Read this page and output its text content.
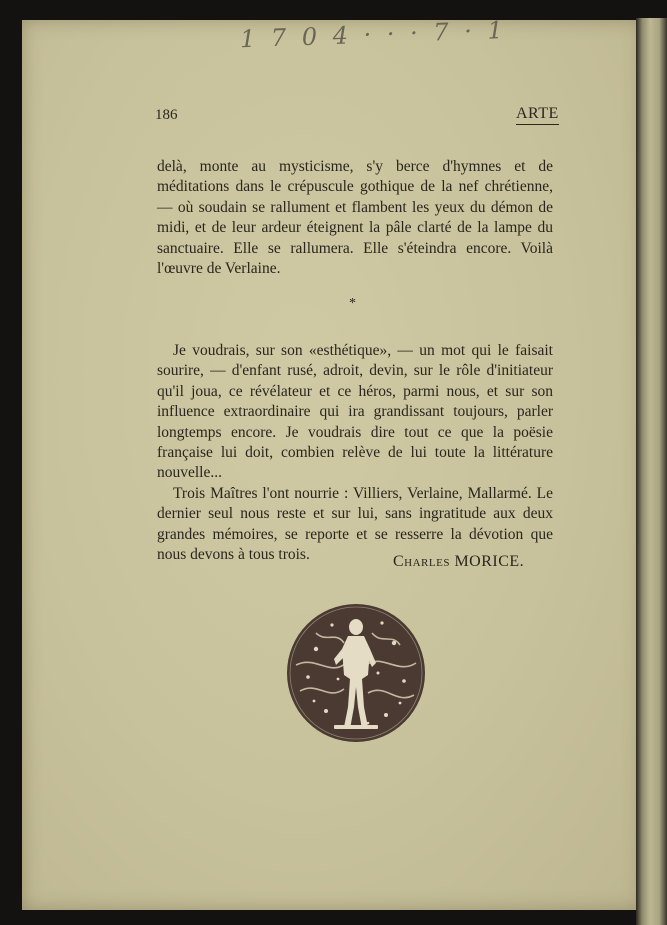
1 7 0 4 · · · 7 · 1
186	ARTE

delà, monte au mysticisme, s'y berce d'hymnes et de méditations dans le crépuscule gothique de la nef chrétienne, — où soudain se rallument et flambent les yeux du démon de midi, et de leur ardeur éteignent la pâle clarté de la lampe du sanctuaire. Elle se rallumera. Elle s'éteindra encore. Voilà l'œuvre de Verlaine.

*

Je voudrais, sur son «esthétique», — un mot qui le faisait sourire, — d'enfant rusé, adroit, devin, sur le rôle d'initiateur qu'il joua, ce révélateur et ce héros, parmi nous, et sur son influence extraordinaire qui ira grandissant toujours, parler longtemps encore. Je voudrais dire tout ce que la poësie française lui doit, combien relève de lui toute la littérature nouvelle...

Trois Maîtres l'ont nourrie : Villiers, Verlaine, Mallarmé. Le dernier seul nous reste et sur lui, sans ingratitude aux deux grandes mémoires, se reporte et se resserre la dévotion que nous devons à tous trois.	Charles MORICE.
